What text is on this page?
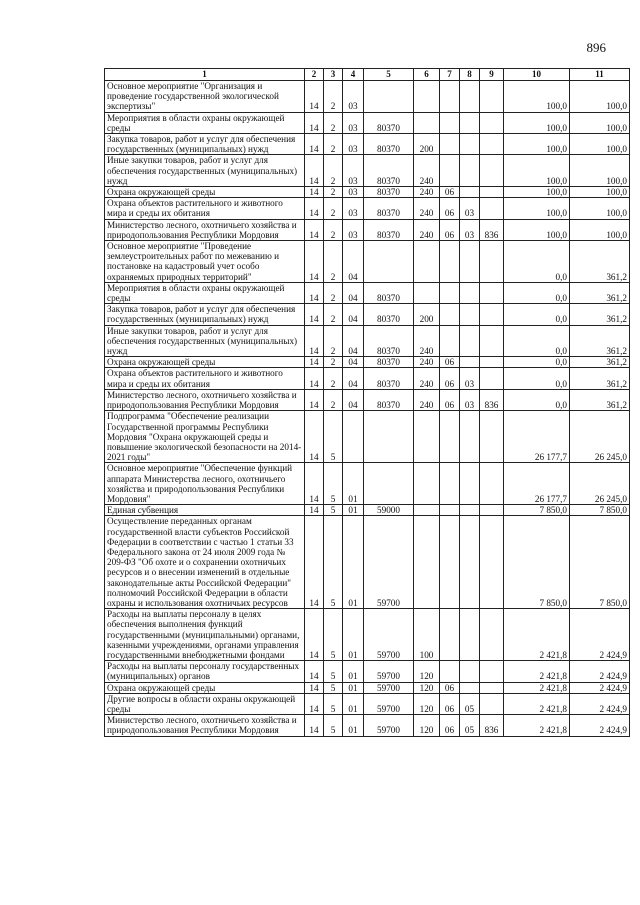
896
1	2	3	4	5	6	7	8	9	10	11
Основное мероприятие "Организация и проведение государственной экологической экспертизы"	14	2	03						100,0	100,0
Мероприятия в области охраны окружающей среды	14	2	03	80370					100,0	100,0
Закупка товаров, работ и услуг для обеспечения государственных (муниципальных) нужд	14	2	03	80370	200				100,0	100,0
Иные закупки товаров, работ и услуг для обеспечения государственных (муниципальных) нужд	14	2	03	80370	240				100,0	100,0
Охрана окружающей среды	14	2	03	80370	240	06			100,0	100,0
Охрана объектов растительного и животного мира и среды их обитания	14	2	03	80370	240	06	03		100,0	100,0
Министерство лесного, охотничьего хозяйства и природопользования Республики Мордовия	14	2	03	80370	240	06	03	836	100,0	100,0
Основное мероприятие "Проведение землеустроительных работ по межеванию и постановке на кадастровый учет особо охраняемых природных территорий"	14	2	04						0,0	361,2
Мероприятия в области охраны окружающей среды	14	2	04	80370					0,0	361,2
Закупка товаров, работ и услуг для обеспечения государственных (муниципальных) нужд	14	2	04	80370	200				0,0	361,2
Иные закупки товаров, работ и услуг для обеспечения государственных (муниципальных) нужд	14	2	04	80370	240				0,0	361,2
Охрана окружающей среды	14	2	04	80370	240	06			0,0	361,2
Охрана объектов растительного и животного мира и среды их обитания	14	2	04	80370	240	06	03		0,0	361,2
Министерство лесного, охотничьего хозяйства и природопользования Республики Мордовия	14	2	04	80370	240	06	03	836	0,0	361,2
Подпрограмма "Обеспечение реализации Государственной программы Республики Мордовия "Охрана окружающей среды и повышение экологической безопасности на 2014-2021 годы"	14	5							26 177,7	26 245,0
Основное мероприятие "Обеспечение функций аппарата Министерства лесного, охотничьего хозяйства и природопользования Республики Мордовия"	14	5	01						26 177,7	26 245,0
Единая субвенция	14	5	01	59000					7 850,0	7 850,0
Осуществление переданных органам государственной власти субъектов Российской Федерации в соответствии с частью 1 статьи 33 Федерального закона от 24 июля 2009 года № 209-ФЗ "Об охоте и о сохранении охотничьих ресурсов и о внесении изменений в отдельные законодательные акты Российской Федерации" полномочий Российской Федерации в области охраны и использования охотничьих ресурсов	14	5	01	59700					7 850,0	7 850,0
Расходы на выплаты персоналу в целях обеспечения выполнения функций государственными (муниципальными) органами, казенными учреждениями, органами управления государственными внебюджетными фондами	14	5	01	59700	100				2 421,8	2 424,9
Расходы на выплаты персоналу государственных (муниципальных) органов	14	5	01	59700	120				2 421,8	2 424,9
Охрана окружающей среды	14	5	01	59700	120	06			2 421,8	2 424,9
Другие вопросы в области охраны окружающей среды	14	5	01	59700	120	06	05		2 421,8	2 424,9
Министерство лесного, охотничьего хозяйства и природопользования Республики Мордовия	14	5	01	59700	120	06	05	836	2 421,8	2 424,9
